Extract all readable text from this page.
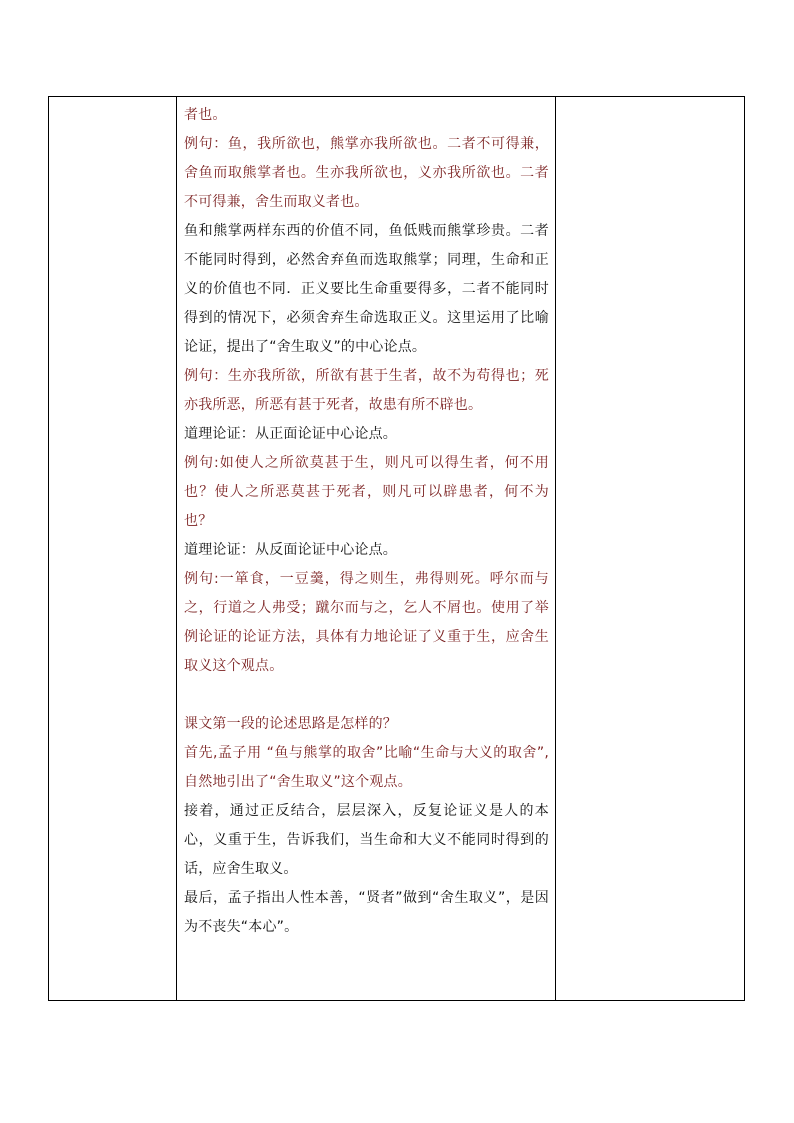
者也。

例句：鱼，我所欲也，熊掌亦我所欲也。二者不可得兼，舍鱼而取熊掌者也。生亦我所欲也，义亦我所欲也。二者不可得兼，舍生而取义者也。

鱼和熊掌两样东西的价值不同，鱼低贱而熊掌珍贵。二者不能同时得到，必然舍弃鱼而选取熊掌；同理，生命和正义的价值也不同．正义要比生命重要得多，二者不能同时得到的情况下，必须舍弃生命选取正义。这里运用了比喻论证，提出了“舍生取义”的中心论点。

例句：生亦我所欲，所欲有甚于生者，故不为苟得也；死亦我所恶，所恶有甚于死者，故患有所不辟也。

道理论证：从正面论证中心论点。

例句:如使人之所欲莫甚于生，则凡可以得生者，何不用也？使人之所恶莫甚于死者，则凡可以辟患者，何不为也？

道理论证：从反面论证中心论点。

例句:一箪食，一豆羹，得之则生，弗得则死。呼尔而与之，行道之人弗受；蹴尔而与之，乞人不屑也。使用了举例论证的论证方法，具体有力地论证了义重于生，应舍生取义这个观点。

课文第一段的论述思路是怎样的？

首先,孟子用 “鱼与熊掌的取舍”比喻“生命与大义的取舍”,自然地引出了“舍生取义”这个观点。

接着，通过正反结合，层层深入，反复论证义是人的本心，义重于生，告诉我们，当生命和大义不能同时得到的话，应舍生取义。

最后，孟子指出人性本善，“贤者”做到“舍生取义”，是因为不丧失“本心”。
